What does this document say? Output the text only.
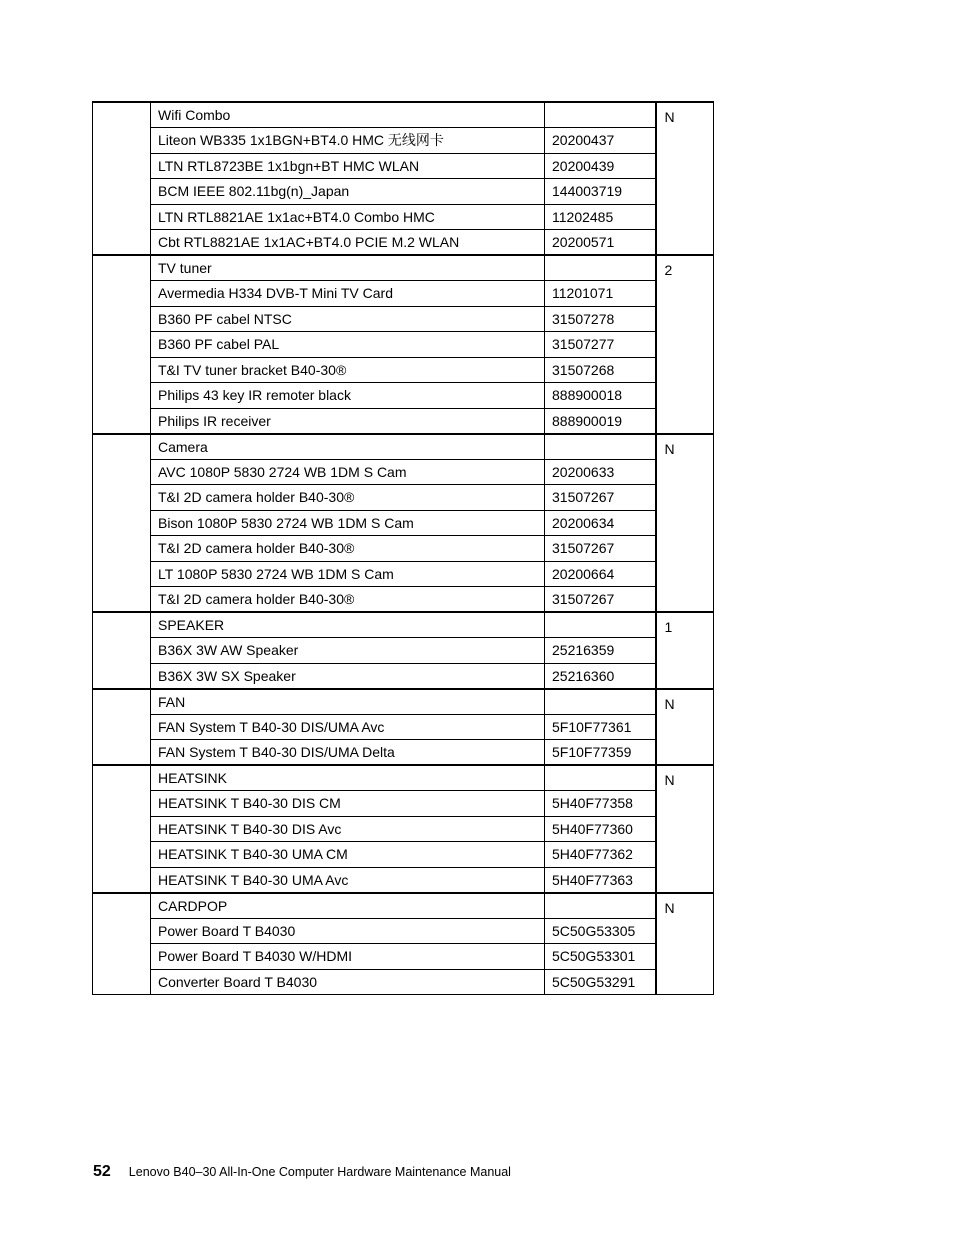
	Wifi Combo		N
	Liteon WB335 1x1BGN+BT4.0 HMC 无线网卡	20200437	
	LTN RTL8723BE 1x1bgn+BT HMC WLAN	20200439	
	BCM IEEE 802.11bg(n)_Japan	144003719	
	LTN RTL8821AE 1x1ac+BT4.0 Combo HMC	11202485	
	Cbt RTL8821AE 1x1AC+BT4.0 PCIE M.2 WLAN	20200571	
	TV tuner		2
	Avermedia H334 DVB-T Mini TV Card	11201071	
	B360 PF cabel NTSC	31507278	
	B360 PF cabel PAL	31507277	
	T&I TV tuner bracket B40-30®	31507268	
	Philips 43 key IR remoter black	888900018	
	Philips IR receiver	888900019	
	Camera		N
	AVC 1080P 5830 2724 WB 1DM S Cam	20200633	
	T&I 2D camera holder B40-30®	31507267	
	Bison 1080P 5830 2724 WB 1DM S Cam	20200634	
	T&I 2D camera holder B40-30®	31507267	
	LT 1080P 5830 2724 WB 1DM S Cam	20200664	
	T&I 2D camera holder B40-30®	31507267	
	SPEAKER		1
	B36X 3W AW Speaker	25216359	
	B36X 3W SX Speaker	25216360	
	FAN		N
	FAN System T B40-30 DIS/UMA Avc	5F10F77361	
	FAN System T B40-30 DIS/UMA Delta	5F10F77359	
	HEATSINK		N
	HEATSINK T B40-30 DIS CM	5H40F77358	
	HEATSINK T B40-30 DIS Avc	5H40F77360	
	HEATSINK T B40-30 UMA CM	5H40F77362	
	HEATSINK T B40-30 UMA Avc	5H40F77363	
	CARDPOP		N
	Power Board T B4030	5C50G53305	
	Power Board T B4030 W/HDMI	5C50G53301	
	Converter Board T B4030	5C50G53291	
52 Lenovo B40–30 All-In-One Computer Hardware Maintenance Manual
